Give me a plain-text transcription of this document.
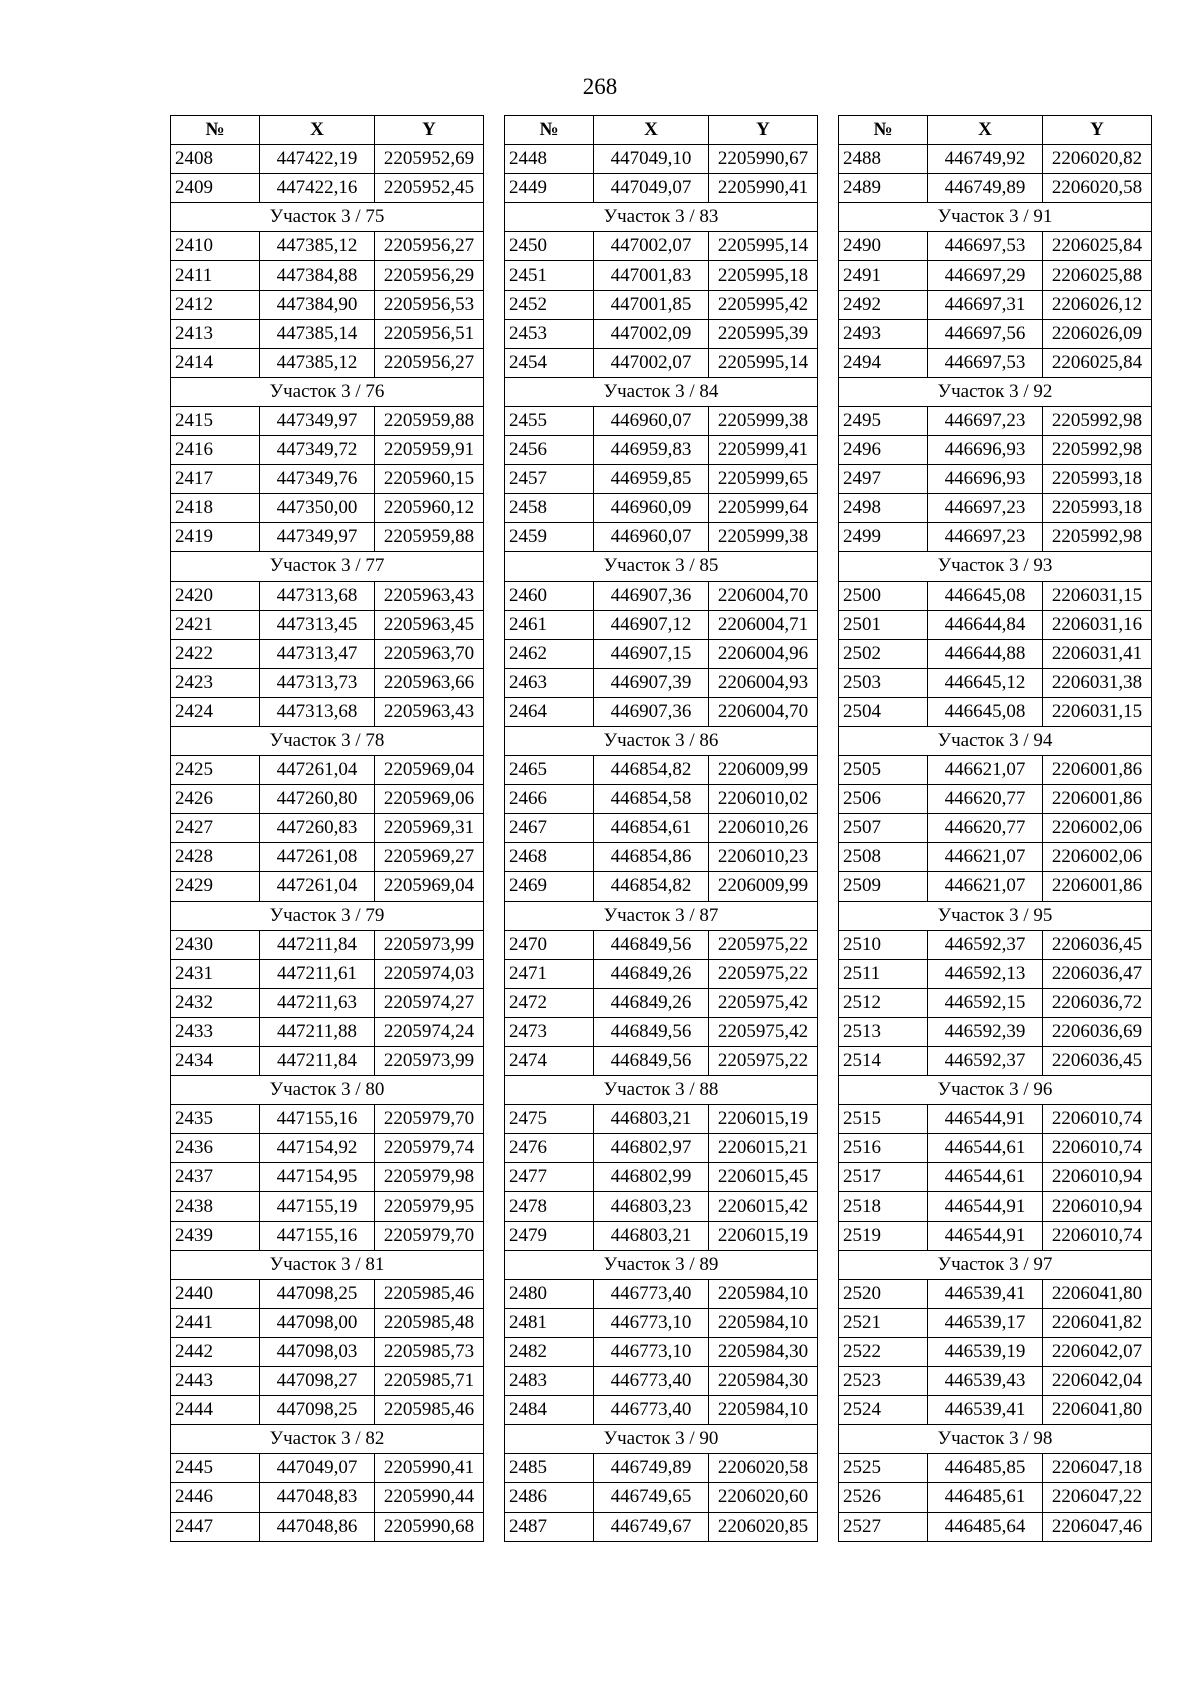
268
№	X	Y
2408	447422,19	2205952,69
2409	447422,16	2205952,45
Участок 3 / 75		
2410	447385,12	2205956,27
2411	447384,88	2205956,29
2412	447384,90	2205956,53
2413	447385,14	2205956,51
2414	447385,12	2205956,27
Участок 3 / 76		
2415	447349,97	2205959,88
2416	447349,72	2205959,91
2417	447349,76	2205960,15
2418	447350,00	2205960,12
2419	447349,97	2205959,88
Участок 3 / 77		
2420	447313,68	2205963,43
2421	447313,45	2205963,45
2422	447313,47	2205963,70
2423	447313,73	2205963,66
2424	447313,68	2205963,43
Участок 3 / 78		
2425	447261,04	2205969,04
2426	447260,80	2205969,06
2427	447260,83	2205969,31
2428	447261,08	2205969,27
2429	447261,04	2205969,04
Участок 3 / 79		
2430	447211,84	2205973,99
2431	447211,61	2205974,03
2432	447211,63	2205974,27
2433	447211,88	2205974,24
2434	447211,84	2205973,99
Участок 3 / 80		
2435	447155,16	2205979,70
2436	447154,92	2205979,74
2437	447154,95	2205979,98
2438	447155,19	2205979,95
2439	447155,16	2205979,70
Участок 3 / 81		
2440	447098,25	2205985,46
2441	447098,00	2205985,48
2442	447098,03	2205985,73
2443	447098,27	2205985,71
2444	447098,25	2205985,46
Участок 3 / 82		
2445	447049,07	2205990,41
2446	447048,83	2205990,44
2447	447048,86	2205990,68
№	X	Y
2448	447049,10	2205990,67
2449	447049,07	2205990,41
Участок 3 / 83		
2450	447002,07	2205995,14
2451	447001,83	2205995,18
2452	447001,85	2205995,42
2453	447002,09	2205995,39
2454	447002,07	2205995,14
Участок 3 / 84		
2455	446960,07	2205999,38
2456	446959,83	2205999,41
2457	446959,85	2205999,65
2458	446960,09	2205999,64
2459	446960,07	2205999,38
Участок 3 / 85		
2460	446907,36	2206004,70
2461	446907,12	2206004,71
2462	446907,15	2206004,96
2463	446907,39	2206004,93
2464	446907,36	2206004,70
Участок 3 / 86		
2465	446854,82	2206009,99
2466	446854,58	2206010,02
2467	446854,61	2206010,26
2468	446854,86	2206010,23
2469	446854,82	2206009,99
Участок 3 / 87		
2470	446849,56	2205975,22
2471	446849,26	2205975,22
2472	446849,26	2205975,42
2473	446849,56	2205975,42
2474	446849,56	2205975,22
Участок 3 / 88		
2475	446803,21	2206015,19
2476	446802,97	2206015,21
2477	446802,99	2206015,45
2478	446803,23	2206015,42
2479	446803,21	2206015,19
Участок 3 / 89		
2480	446773,40	2205984,10
2481	446773,10	2205984,10
2482	446773,10	2205984,30
2483	446773,40	2205984,30
2484	446773,40	2205984,10
Участок 3 / 90		
2485	446749,89	2206020,58
2486	446749,65	2206020,60
2487	446749,67	2206020,85
№	X	Y
2488	446749,92	2206020,82
2489	446749,89	2206020,58
Участок 3 / 91		
2490	446697,53	2206025,84
2491	446697,29	2206025,88
2492	446697,31	2206026,12
2493	446697,56	2206026,09
2494	446697,53	2206025,84
Участок 3 / 92		
2495	446697,23	2205992,98
2496	446696,93	2205992,98
2497	446696,93	2205993,18
2498	446697,23	2205993,18
2499	446697,23	2205992,98
Участок 3 / 93		
2500	446645,08	2206031,15
2501	446644,84	2206031,16
2502	446644,88	2206031,41
2503	446645,12	2206031,38
2504	446645,08	2206031,15
Участок 3 / 94		
2505	446621,07	2206001,86
2506	446620,77	2206001,86
2507	446620,77	2206002,06
2508	446621,07	2206002,06
2509	446621,07	2206001,86
Участок 3 / 95		
2510	446592,37	2206036,45
2511	446592,13	2206036,47
2512	446592,15	2206036,72
2513	446592,39	2206036,69
2514	446592,37	2206036,45
Участок 3 / 96		
2515	446544,91	2206010,74
2516	446544,61	2206010,74
2517	446544,61	2206010,94
2518	446544,91	2206010,94
2519	446544,91	2206010,74
Участок 3 / 97		
2520	446539,41	2206041,80
2521	446539,17	2206041,82
2522	446539,19	2206042,07
2523	446539,43	2206042,04
2524	446539,41	2206041,80
Участок 3 / 98		
2525	446485,85	2206047,18
2526	446485,61	2206047,22
2527	446485,64	2206047,46
